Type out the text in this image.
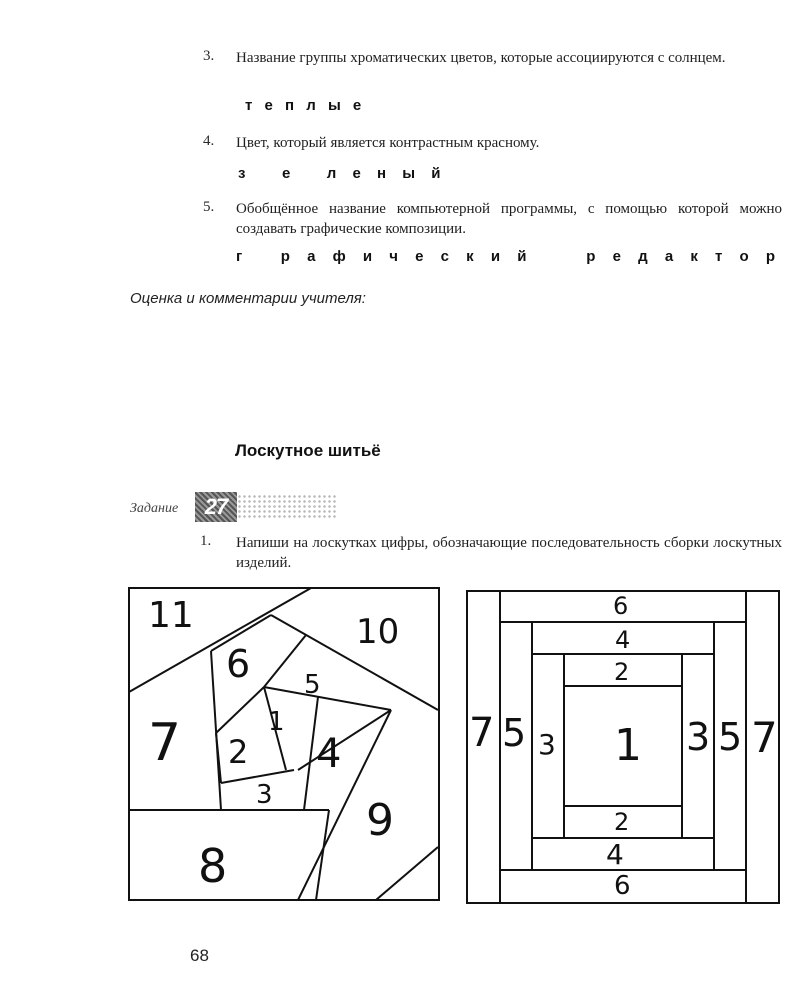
3. Название группы хроматических цветов, которые ассоциируются с солнцем.
т е п л ы е
4. Цвет, который является контрастным красному.
з   е   л е н ы й
5. Обобщённое название компьютерной программы, с помощью которой можно создавать графические композиции.
г   р а ф и ч е с к и й     р е д а к т о р
Оценка и комментарии учителя:
Лоскутное шитьё
Задание	27
1. Напиши на лоскутках цифры, обозначающие последовательность сборки лоскутных изделий.
11	10
6 5
1
2 4
7
3 9
8
6
4
2
1
2
4
6
7 5 3	3 5 7
68
